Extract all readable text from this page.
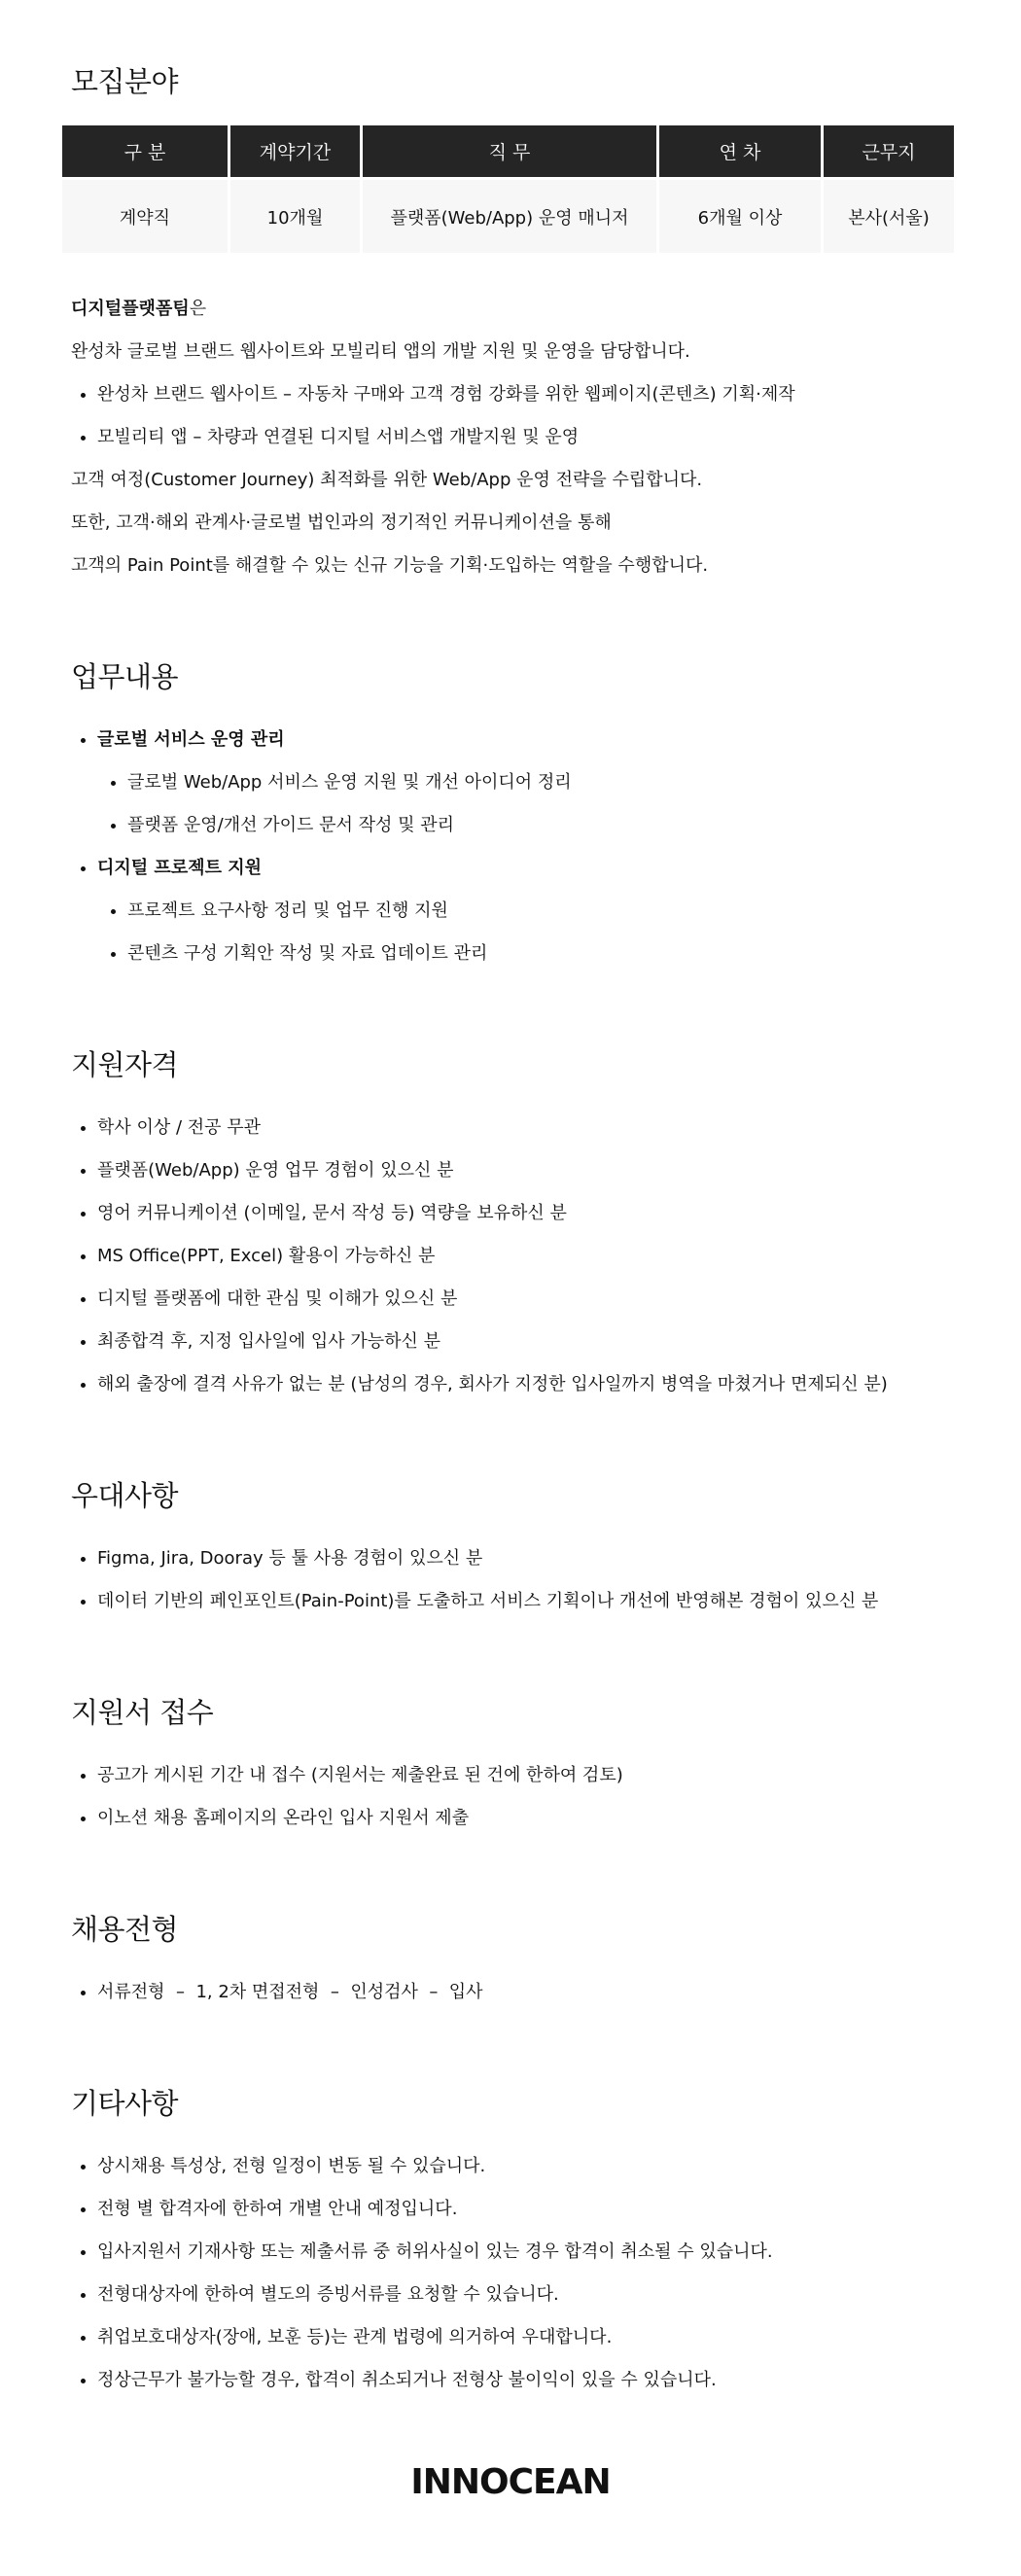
모집분야
구 분	계약기간	직 무	연 차	근무지
계약직	10개월	플랫폼(Web/App) 운영 매니저	6개월 이상	본사(서울)
디지털플랫폼팀은
완성차 글로벌 브랜드 웹사이트와 모빌리티 앱의 개발 지원 및 운영을 담당합니다.
완성차 브랜드 웹사이트 – 자동차 구매와 고객 경험 강화를 위한 웹페이지(콘텐츠) 기획·제작
모빌리티 앱 – 차량과 연결된 디지털 서비스앱 개발지원 및 운영
고객 여정(Customer Journey) 최적화를 위한 Web/App 운영 전략을 수립합니다.
또한, 고객·해외 관계사·글로벌 법인과의 정기적인 커뮤니케이션을 통해
고객의 Pain Point를 해결할 수 있는 신규 기능을 기획·도입하는 역할을 수행합니다.
업무내용
글로벌 서비스 운영 관리
글로벌 Web/App 서비스 운영 지원 및 개선 아이디어 정리
플랫폼 운영/개선 가이드 문서 작성 및 관리
디지털 프로젝트 지원
프로젝트 요구사항 정리 및 업무 진행 지원
콘텐츠 구성 기획안 작성 및 자료 업데이트 관리
지원자격
학사 이상 / 전공 무관
플랫폼(Web/App) 운영 업무 경험이 있으신 분
영어 커뮤니케이션 (이메일, 문서 작성 등) 역량을 보유하신 분
MS Office(PPT, Excel) 활용이 가능하신 분
디지털 플랫폼에 대한 관심 및 이해가 있으신 분
최종합격 후, 지정 입사일에 입사 가능하신 분
해외 출장에 결격 사유가 없는 분 (남성의 경우, 회사가 지정한 입사일까지 병역을 마쳤거나 면제되신 분)
우대사항
Figma, Jira, Dooray 등 툴 사용 경험이 있으신 분
데이터 기반의 페인포인트(Pain-Point)를 도출하고 서비스 기획이나 개선에 반영해본 경험이 있으신 분
지원서 접수
공고가 게시된 기간 내 접수 (지원서는 제출완료 된 건에 한하여 검토)
이노션 채용 홈페이지의 온라인 입사 지원서 제출
채용전형
서류전형  –  1, 2차 면접전형  –  인성검사  –  입사
기타사항
상시채용 특성상, 전형 일정이 변동 될 수 있습니다.
전형 별 합격자에 한하여 개별 안내 예정입니다.
입사지원서 기재사항 또는 제출서류 중 허위사실이 있는 경우 합격이 취소될 수 있습니다.
전형대상자에 한하여 별도의 증빙서류를 요청할 수 있습니다.
취업보호대상자(장애, 보훈 등)는 관계 법령에 의거하여 우대합니다.
정상근무가 불가능할 경우, 합격이 취소되거나 전형상 불이익이 있을 수 있습니다.
INNOCEAN
